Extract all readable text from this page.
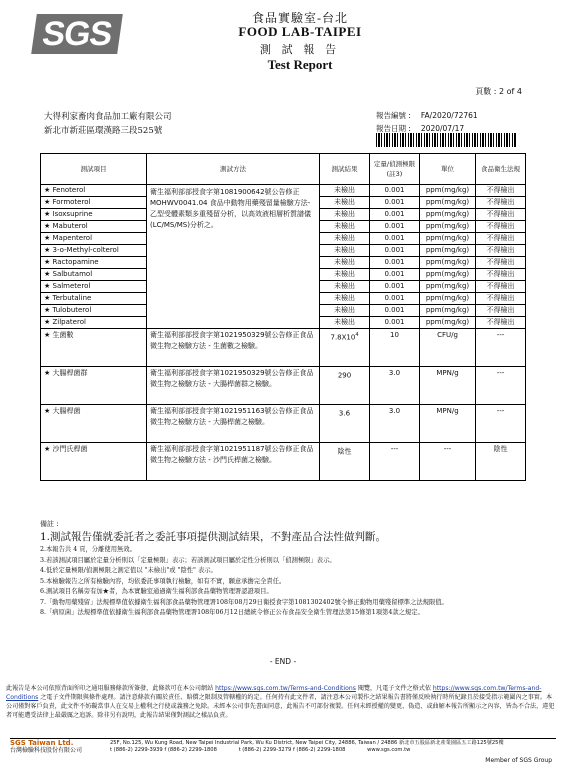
SGS	食品實驗室-台北
FOOD LAB-TAIPEI
測 試 報 告
Test Report
頁數 : 2 of 4
大得利家畜肉食品加工廠有限公司
新北市新莊區環漢路三段525號
報告編號 : FA/2020/72761
報告日期 : 2020/07/17
測試項目	測試方法	測試結果	定量/偵測極限(註3)	單位	食品衛生法規
★ Fenoterol	衛生福利部部授食字第1081900642號公告修正MOHWV0041.04 食品中動物用藥殘留量檢驗方法-乙型受體素類多重殘留分析，以高效液相層析質譜儀(LC/MS/MS)分析之。	未檢出	0.001	ppm(mg/kg)	不得檢出
★ Formoterol		未檢出	0.001	ppm(mg/kg)	不得檢出
★ Isoxsuprine		未檢出	0.001	ppm(mg/kg)	不得檢出
★ Mabuterol		未檢出	0.001	ppm(mg/kg)	不得檢出
★ Mapenterol		未檢出	0.001	ppm(mg/kg)	不得檢出
★ 3-o-Methyl-colterol		未檢出	0.001	ppm(mg/kg)	不得檢出
★ Ractopamine		未檢出	0.001	ppm(mg/kg)	不得檢出
★ Salbutamol		未檢出	0.001	ppm(mg/kg)	不得檢出
★ Salmeterol		未檢出	0.001	ppm(mg/kg)	不得檢出
★ Terbutaline		未檢出	0.001	ppm(mg/kg)	不得檢出
★ Tulobuterol		未檢出	0.001	ppm(mg/kg)	不得檢出
★ Zilpaterol		未檢出	0.001	ppm(mg/kg)	不得檢出
★ 生菌數	衛生福利部部授食字第1021950329號公告修正食品微生物之檢驗方法 - 生菌數之檢驗。	$7.8X10^4$	10	CFU/g	---
★ 大腸桿菌群	衛生福利部部授食字第1021950329號公告修正食品微生物之檢驗方法 - 大腸桿菌群之檢驗。	290	3.0	MPN/g	---
★ 大腸桿菌	衛生福利部部授食字第1021951163號公告修正食品微生物之檢驗方法 - 大腸桿菌之檢驗。	3.6	3.0	MPN/g	---
★ 沙門氏桿菌	衛生福利部部授食字第1021951187號公告修正食品微生物之檢驗方法 - 沙門氏桿菌之檢驗。	陰性	---	---	陰性
備註 :
1.測試報告僅就委託者之委託事項提供測試結果，不對產品合法性做判斷。
2.本報告共 4 頁，分離使用無效。
3.若該測試項目屬於定量分析則以「定量極限」表示；若該測試項目屬於定性分析則以「偵測極限」表示。
4.低於定量極限/偵測極限之測定值以 "未檢出"或 "陰性" 表示。
5.本檢驗報告之所有檢驗內容，均依委託事項執行檢驗，如有不實，願意承擔完全責任。
6.測試項目名稱旁有加★者，為本實驗室通過衛生福利部食品藥物管理署認證項目。
7.「動物用藥殘留」法規標準值依據衛生福利部食品藥物管理署108年08月29日衛授食字第1081302402號令修正動物用藥殘留標準之法規限值。
8.「病原菌」法規標準值依據衛生福利部食品藥物管理署108年06月12日總統令修正公布食品安全衛生管理法第15條第1項第4款之規定。
- END -
此報告是本公司依照背面所印之通用服務條款所簽發，此條款可在本公司網站 https://www.sgs.com.tw/Terms-and-Conditions 閱覽，凡電子文件之格式依 https://www.sgs.com.tw/Terms-and-Conditions 之電子文件期限與條件處理。請注意條款有關於責任、賠償之限制及管轄權的約定。任何持有此文件者，請注意本公司製作之結果報告書將僅反映執行時所紀錄且於接受指示範圍內之事實。本公司僅對客戶負責，此文件不妨礙當事人在交易上權利之行使或義務之免除。未經本公司事先書面同意，此報告不可部份複製。任何未經授權的變更、偽造、或曲解本報告所顯示之內容，皆為不合法，違犯者可能遭受法律上最嚴厲之追訴。除非另有說明，此報告結果僅對測試之樣品負責。
SGS Taiwan Ltd.
台灣檢驗科技股份有限公司
25F, No.125, Wu Kung Road, New Taipei Industrial Park, Wu Ku District, New Taipei City, 24886, Taiwan / 24886 新北市五股區新北產業園區五工路125號25樓
t (886-2) 2299-3939 f (886-2) 2299-1808	t (886-2) 2299-3279 f (886-2) 2299-1808	www.sgs.com.tw
Member of SGS Group
